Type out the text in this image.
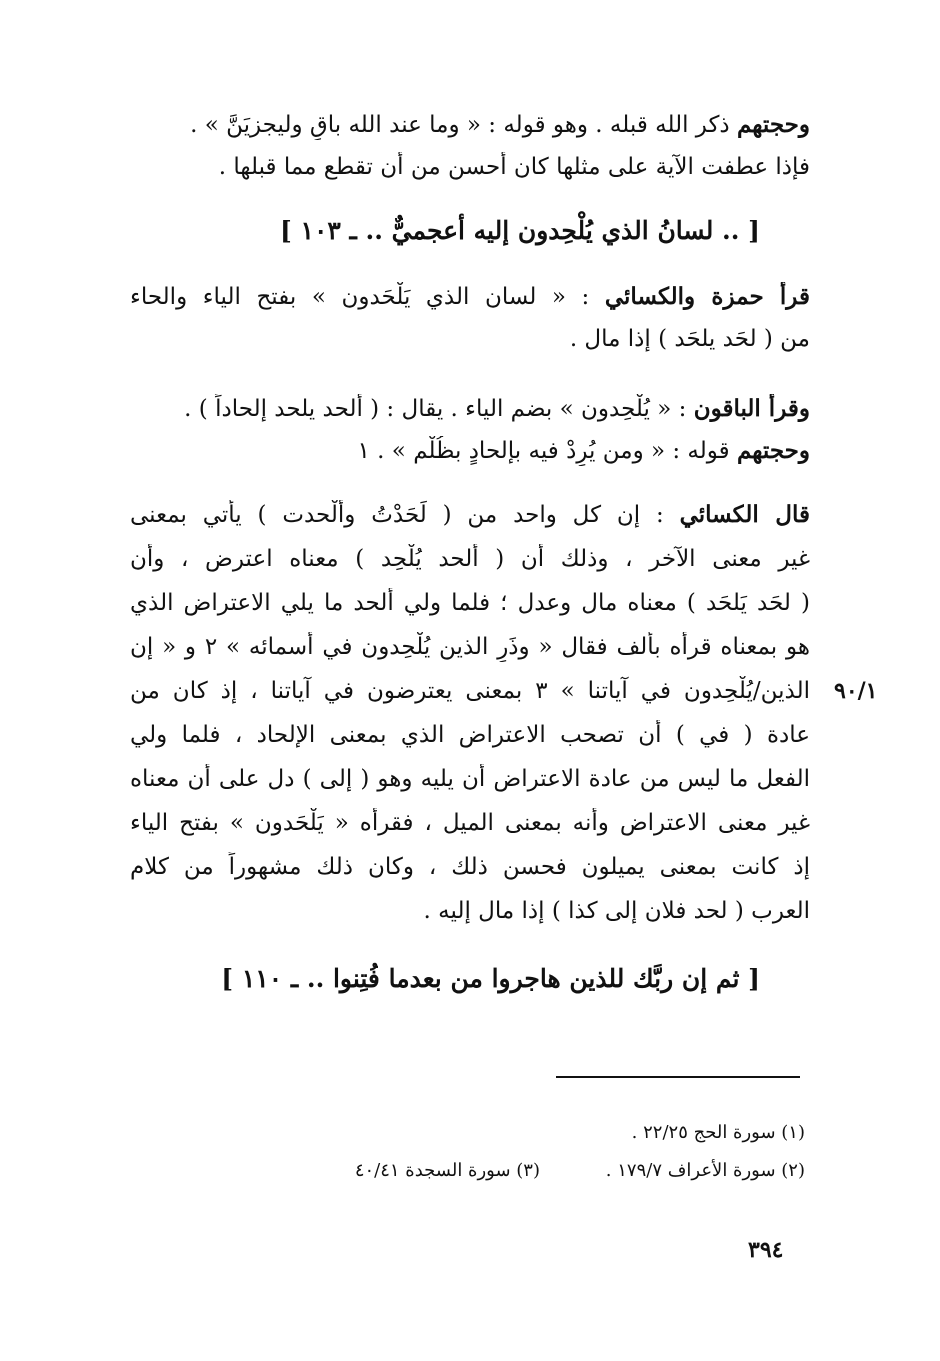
وحجتهم ذكر الله قبله . وهو قوله : « وما عند الله باقٍ وليجزيَنَّ » .
فإذا عطفت الآية على مثلها كان أحسن من أن تقطع مما قبلها .
[ .. لسانُ الذي يُلْحِدون إليه أعجميٌّ .. ـ ١٠٣ ]
قرأ حمزة والكسائي : « لسان الذي يَلْحَدون » بفتح الياء والحاء
من ( لحَد يلحَد ) إذا مال .
وقرأ الباقون : « يُلْحِدون » بضم الياء . يقال : ( ألحد يلحد إلحاداً ) .
وحجتهم قوله : « ومن يُرِدْ فيه بإلحادٍ بظُلْم » . ١
قال الكسائي : إن كل واحد من ( لَحَدْتُ وألْحدت ) يأتي بمعنى
غير معنى الآخر ، وذلك أن ( ألحد يُلْحِد ) معناه اعترض ، وأن
( لحَد يَلحَد ) معناه مال وعدل ؛ فلما ولي ألحد ما يلي الاعتراض الذي
هو بمعناه قرأه بألف فقال « وذَرِ الذين يُلْحِدون في أسمائه » ٢ و « إن
الذين/يُلْحِدون في آياتنا » ٣ بمعنى يعترضون في آياتنا ، إذ كان من
عادة ( في ) أن تصحب الاعتراض الذي بمعنى الإلحاد ، فلما ولي
الفعل ما ليس من عادة الاعتراض أن يليه وهو ( إلى ) دل على أن معناه
غير معنى الاعتراض وأنه بمعنى الميل ، فقرأه « يَلْحَدون » بفتح الياء
إذ كانت بمعنى يميلون فحسن ذلك ، وكان ذلك مشهوراً من كلام
العرب ( لحد فلان إلى كذا ) إذا مال إليه .
٩٠/١
[ ثم إن ربَّك للذين هاجروا من بعدما فُتِنوا .. ـ ١١٠ ]
(١) سورة الحج ٢٢/٢٥ .
(٢) سورة الأعراف ١٧٩/٧ .
(٣) سورة السجدة ٤٠/٤١
٣٩٤
